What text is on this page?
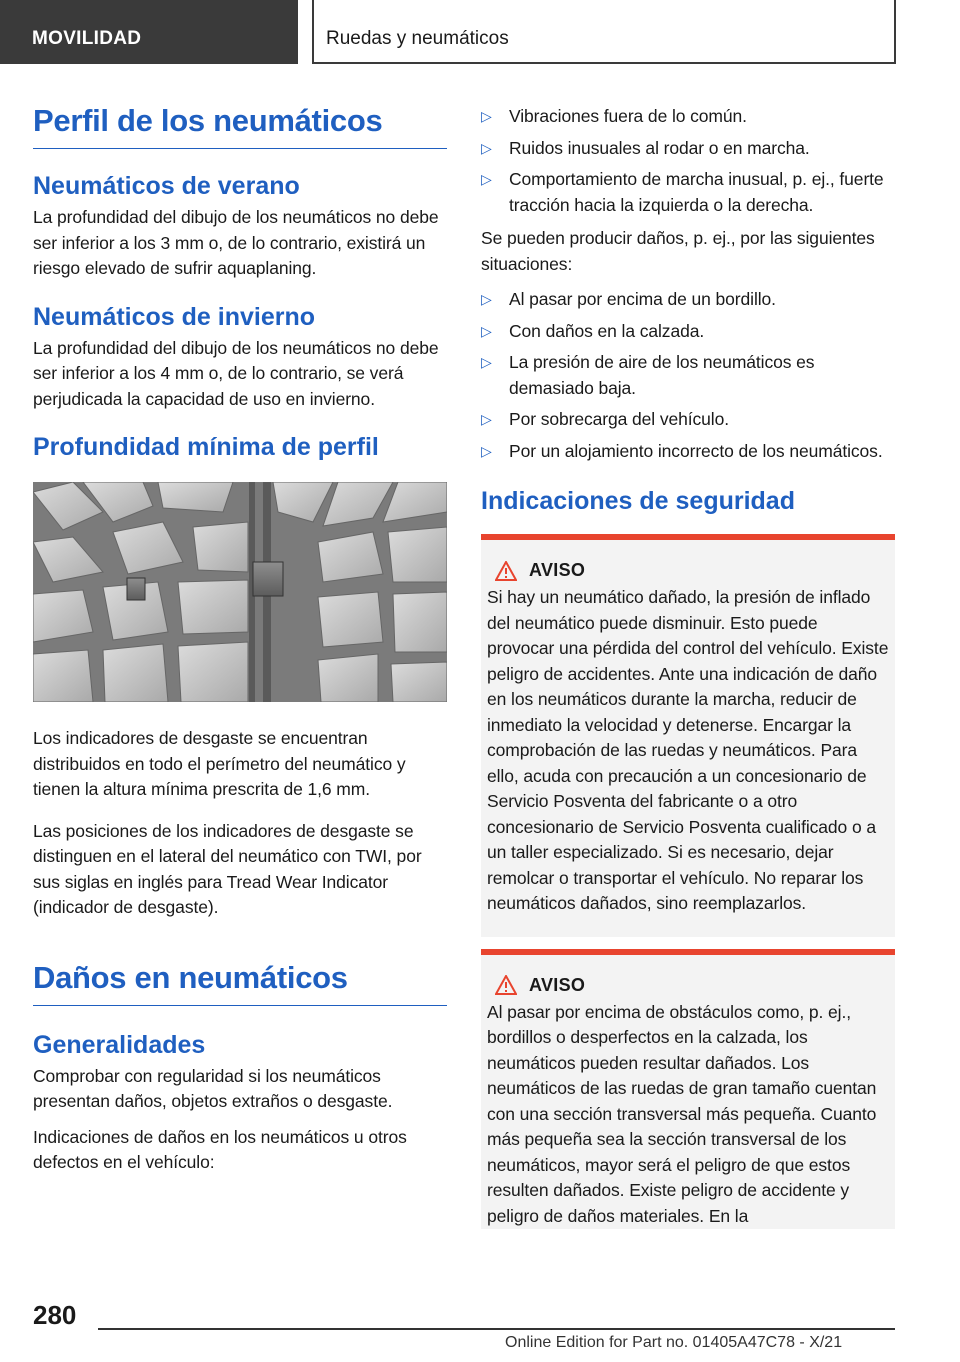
MOVILIDAD	Ruedas y neumáticos
Perfil de los neumáticos
Neumáticos de verano

La profundidad del dibujo de los neumáticos no debe ser inferior a los 3 mm o, de lo contrario, existirá un riesgo elevado de sufrir aquaplaning.

Neumáticos de invierno

La profundidad del dibujo de los neumáticos no debe ser inferior a los 4 mm o, de lo contrario, se verá perjudicada la capacidad de uso en invierno.

Profundidad mínima de perfil

Los indicadores de desgaste se encuentran distribuidos en todo el perímetro del neumático y tienen la altura mínima prescrita de 1,6 mm.

Las posiciones de los indicadores de desgaste se distinguen en el lateral del neumático con TWI, por sus siglas en inglés para Tread Wear Indicator (indicador de desgaste).

Daños en neumáticos
Generalidades

Comprobar con regularidad si los neumáticos presentan daños, objetos extraños o desgaste.

Indicaciones de daños en los neumáticos u otros defectos en el vehículo:

▷ Vibraciones fuera de lo común.
▷ Ruidos inusuales al rodar o en marcha.
▷ Comportamiento de marcha inusual, p. ej., fuerte tracción hacia la izquierda o la derecha.

Se pueden producir daños, p. ej., por las siguientes situaciones:

▷ Al pasar por encima de un bordillo.
▷ Con daños en la calzada.
▷ La presión de aire de los neumáticos es demasiado baja.
▷ Por sobrecarga del vehículo.
▷ Por un alojamiento incorrecto de los neumáticos.
Indicaciones de seguridad
AVISO

Si hay un neumático dañado, la presión de inflado del neumático puede disminuir. Esto puede provocar una pérdida del control del vehículo. Existe peligro de accidentes. Ante una indicación de daño en los neumáticos durante la marcha, reducir de inmediato la velocidad y detenerse. Encargar la comprobación de las ruedas y neumáticos. Para ello, acuda con precaución a un concesionario de Servicio Posventa del fabricante o a otro concesionario de Servicio Posventa cualificado o a un taller especializado. Si es necesario, dejar remolcar o transportar el vehículo. No reparar los neumáticos dañados, sino reemplazarlos.

AVISO

Al pasar por encima de obstáculos como, p. ej., bordillos o desperfectos en la calzada, los neumáticos pueden resultar dañados. Los neumáticos de las ruedas de gran tamaño cuentan con una sección transversal más pequeña. Cuanto más pequeña sea la sección transversal de los neumáticos, mayor será el peligro de que estos resulten dañados. Existe peligro de accidente y peligro de daños materiales. En la

280
Online Edition for Part no. 01405A47C78 - X/21
